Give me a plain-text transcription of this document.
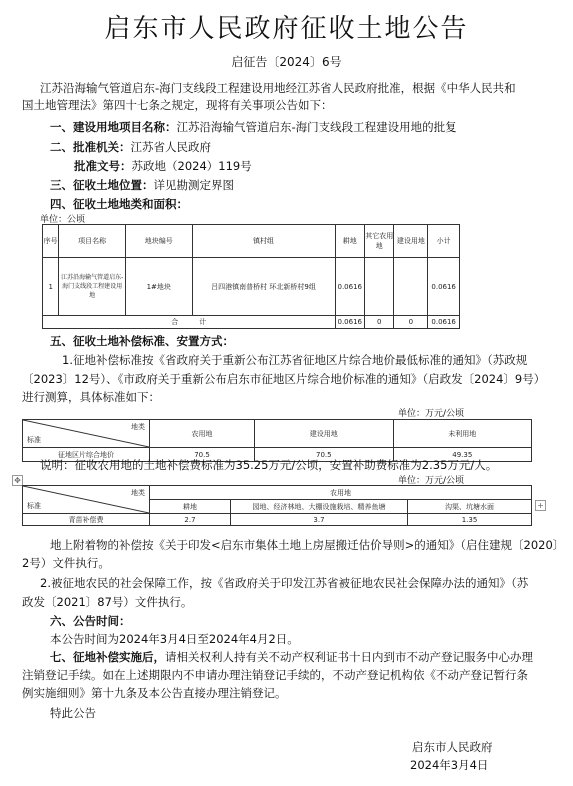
启东市人民政府征收土地公告
启征告〔2024〕6号
江苏沿海输气管道启东-海门支线段工程建设用地经江苏省人民政府批准，根据《中华人民共和
国土地管理法》第四十七条之规定，现将有关事项公告如下：
一、建设用地项目名称：江苏沿海输气管道启东-海门支线段工程建设用地的批复
二、批准机关：江苏省人民政府
批准文号：苏政地（2024）119号
三、征收土地位置：详见勘测定界图
四、征收土地地类和面积：
单位：公顷
序号	项目名称	地块编号	镇村组	耕地	其它农用地	建设用地	小计
1	江苏沿海输气管道启东-海门支线段工程建设用地	1#地块	吕四港镇南普桥村 环北新桥村9组	0.0616			0.0616
合    计				0.0616	0	0	0.0616
五、征收土地补偿标准、安置方式：
1.征地补偿标准按《省政府关于重新公布江苏省征地区片综合地价最低标准的通知》（苏政规
〔2023〕12号）、《市政府关于重新公布启东市征地区片综合地价标准的通知》（启政发〔2024〕9号）
进行测算，具体标准如下：
单位：万元/公顷
地类
标准	农用地	建设用地	未利用地
征地区片综合地价	70.5	70.5	49.35
说明：征收农用地的土地补偿费标准为35.25万元/公顷，安置补助费标准为2.35万元/人。
✥	单位：万元/公顷
地类
标准	农用地		
	耕地	园地、经济林地、大棚设施栽培、精养鱼塘	沟渠、坑塘水面
青苗补偿费	2.7	3.7	1.35
+
地上附着物的补偿按《关于印发<启东市集体土地上房屋搬迁估价导则>的通知》（启住建规〔2020〕
2号）文件执行。
2.被征地农民的社会保障工作，按《省政府关于印发江苏省被征地农民社会保障办法的通知》（苏
政发〔2021〕87号）文件执行。
六、公告时间：
本公告时间为2024年3月4日至2024年4月2日。
七、征地补偿实施后，请相关权利人持有关不动产权利证书十日内到市不动产登记服务中心办理
注销登记手续。如在上述期限内不申请办理注销登记手续的，不动产登记机构依《不动产登记暂行条
例实施细则》第十九条及本公告直接办理注销登记。
特此公告
启东市人民政府
2024年3月4日
